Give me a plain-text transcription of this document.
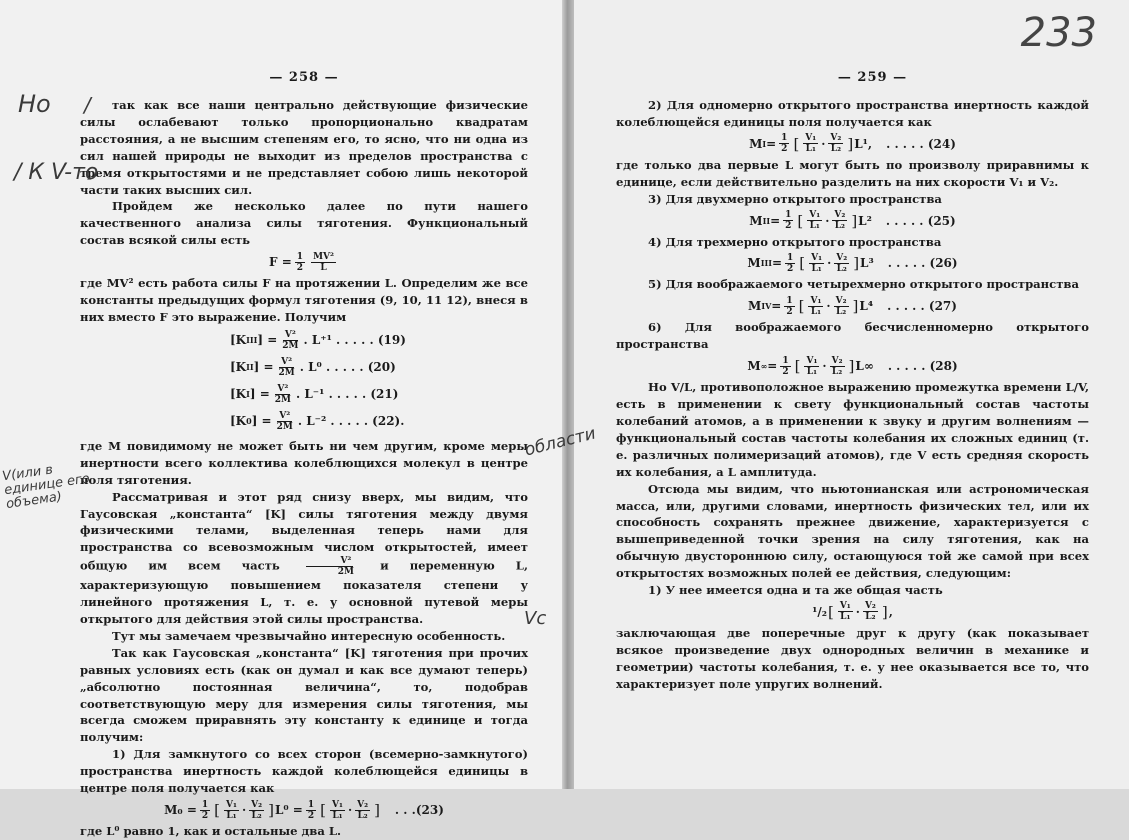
— 258 —

так как все наши центрально действующие физические силы ослабевают только пропорционально квадратам расстояния, а не высшим степеням его, то ясно, что ни одна из сил нашей природы не выходит из пределов пространства с тремя открытостями и не представляет собою лишь некоторой части таких высших сил.

Пройдем же несколько далее по пути нашего качественного анализа силы тяготения. Функциональный состав всякой силы есть

$F = \frac{1}{2} \frac{\text{MV²}}{L}$

где MV² есть работа силы F на протяжении L. Определим же все константы предыдущих формул тяготения (9, 10, 11 12), внеся в них вместо F это выражение. Получим

[K III ] = $\frac{\text{V²}}{2M}$ . L⁺¹ . . . . . (19)
[K II ] = $\frac{\text{V²}}{2M}$ . L⁰ . . . . . (20)
[K I ] = $\frac{\text{V²}}{2M}$ . L⁻¹ . . . . . (21)
[K 0 ] = $\frac{\text{V²}}{2M}$ . L⁻² . . . . . (22).

где M повидимому не может быть ни чем другим, кроме меры инертности всего коллектива колеблющихся молекул в центре поля тяготения.

Рассматривая и этот ряд снизу вверх, мы видим, что Гаусовская „константа“ [K] силы тяготения между двумя физическими телами, выделенная теперь нами для пространства со всевозможным числом открытостей, имеет общую им всем часть	$\frac{\text{V²}}{2M}$ и переменную L, характеризующую повышением показателя степени у линейного протяжения L, т. е. у основной путевой меры открытого для действия этой силы пространства.

Тут мы замечаем чрезвычайно интересную особенность.

Так как Гаусовская „константа“ [K] тяготения при прочих равных условиях есть (как он думал и как все думают теперь) „абсолютно постоянная величина“, то, подобрав соответствующую меру для измерения силы тяготения, мы всегда сможем приравнять эту константу к единице и тогда получим:

1) Для замкнутого со всех сторон (всемерно-замкнутого) пространства инертность каждой колеблющейся единицы в центре поля получается как

$M_0 = \frac{1}{2}$ [ $\frac{\text{V₁}}{\text{L₁}} \cdot \frac{\text{V₂}}{\text{L₂}}$ ] $L^0 = \frac{1}{2}$ [ $\frac{\text{V₁}}{\text{L₁}} \cdot \frac{\text{V₂}}{\text{L₂}}$ ] . . . (23)

где L⁰ равно 1, как и остальные два L.

Но /
/ К V-то
V(или в единице его объема)
области
Vс
— 259 —

2) Для одномерно открытого пространства инертность каждой колеблющейся единицы поля получается как

M $I = \frac{1}{2}$ [ $\frac{\text{V₁}}{\text{L₁}} \cdot \frac{\text{V₂}}{\text{L₂}}$ ] L¹, . . . . . (24)

где только два первые L могут быть по произволу приравнимы к единице, если действительно разделить на них скорости V₁ и V₂.

3) Для двухмерно открытого пространства

M II = $\frac{1}{2}$ [ $\frac{\text{V₁}}{\text{L₁}} \cdot \frac{\text{V₂}}{\text{L₂}}$ ] L² . . . . . (25)

4) Для трехмерно открытого пространства

M III = $\frac{1}{2}$ [ $\frac{\text{V₁}}{\text{L₁}} \cdot \frac{\text{V₂}}{\text{L₂}}$ ] L³ . . . . . (26)

5) Для воображаемого четырехмерно открытого пространства

M IV = $\frac{1}{2}$ [ $\frac{\text{V₁}}{\text{L₁}} \cdot \frac{\text{V₂}}{\text{L₂}}$ ] L⁴ . . . . . (27)

6) Для воображаемого бесчисленномерно открытого пространства

M ∞ = $\frac{1}{2}$ [ $\frac{\text{V₁}}{\text{L₁}} \cdot \frac{\text{V₂}}{\text{L₂}}$ ] L∞ . . . . . (28)

Но V/L, противоположное выражению промежутка времени L/V, есть в применении к свету функциональный состав частоты колебаний атомов, а в применении к звуку и другим волнениям — функциональный состав частоты колебания их сложных единиц (т. е. различных полимеризаций атомов), где V есть средняя скорость их колебания, а L амплитуда.

Отсюда мы видим, что ньютонианская или астрономическая масса, или, другими словами, инертность физических тел, или их способность сохранять прежнее движение, характеризуется с вышеприведенной точки зрения на силу тяготения, как на обычную двустороннюю силу, остающуюся той же самой при всех открытостях возможных полей ее действия, следующим:

1) У нее имеется одна и та же общая часть

¹/₂ [ $\frac{\text{V₁}}{\text{L₁}} \cdot \frac{\text{V₂}}{\text{L₂}}$ ] ,

заключающая две поперечные друг к другу (как показывает всякое произведение двух однородных величин в механике и геометрии) частоты колебания, т. е. у нее оказывается все то, что характеризует поле упругих волнений.

233
